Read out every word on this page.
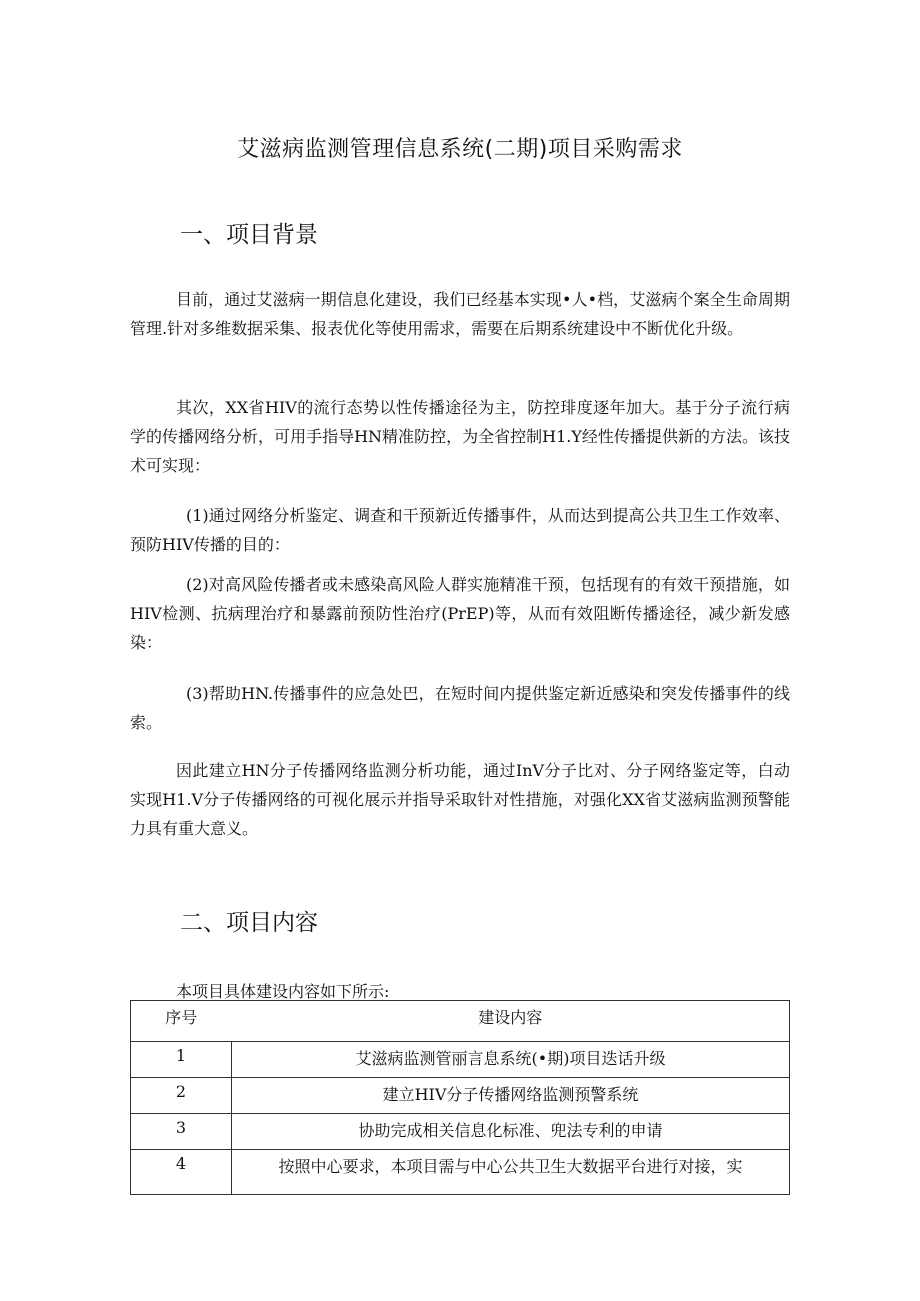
艾滋病监测管理信息系统(二期)项目采购需求
一、项目背景

目前，通过艾滋病一期信息化建设，我们已经基本实现•人•档，艾滋病个案全生命周期管理.针对多维数据采集、报表优化等使用需求，需要在后期系统建设中不断优化升级。

其次，XX省HIV的流行态势以性传播途径为主，防控琲度逐年加大。基于分子流行病学的传播网络分析，可用手指导HN精准防控，为全省控制H1.Y经性传播提供新的方法。该技术可实现：

(1)通过网络分析鉴定、调查和干预新近传播事件，从而达到提高公共卫生工作效率、预防HIV传播的目的：

(2)对高风险传播者或未感染高风险人群实施精准干预，包括现有的有效干预措施，如HIV检测、抗病理治疗和暴露前预防性治疗(PrEP)等，从而有效阻断传播途径，减少新发感染：

(3)帮助HN.传播事件的应急处巴，在短时间内提供鉴定新近感染和突发传播事件的线索。

因此建立HN分子传播网络监测分析功能，通过InV分子比对、分子网络鉴定等，白动实现H1.V分子传播网络的可视化展示并指导采取针对性措施，对强化XX省艾滋病监测预警能力具有重大意义。

二、项目内容

本项目具体建设内容如下所示:

序号	建设内容
1	艾滋病监测管丽言息系统(•期)项目迭话升级
2	建立HIV分子传播网络监测预警系统
3	协助完成相关信息化标准、兜法专利的申请
4	按照中心要求，本项目需与中心公共卫生大数据平台进行对接，实
